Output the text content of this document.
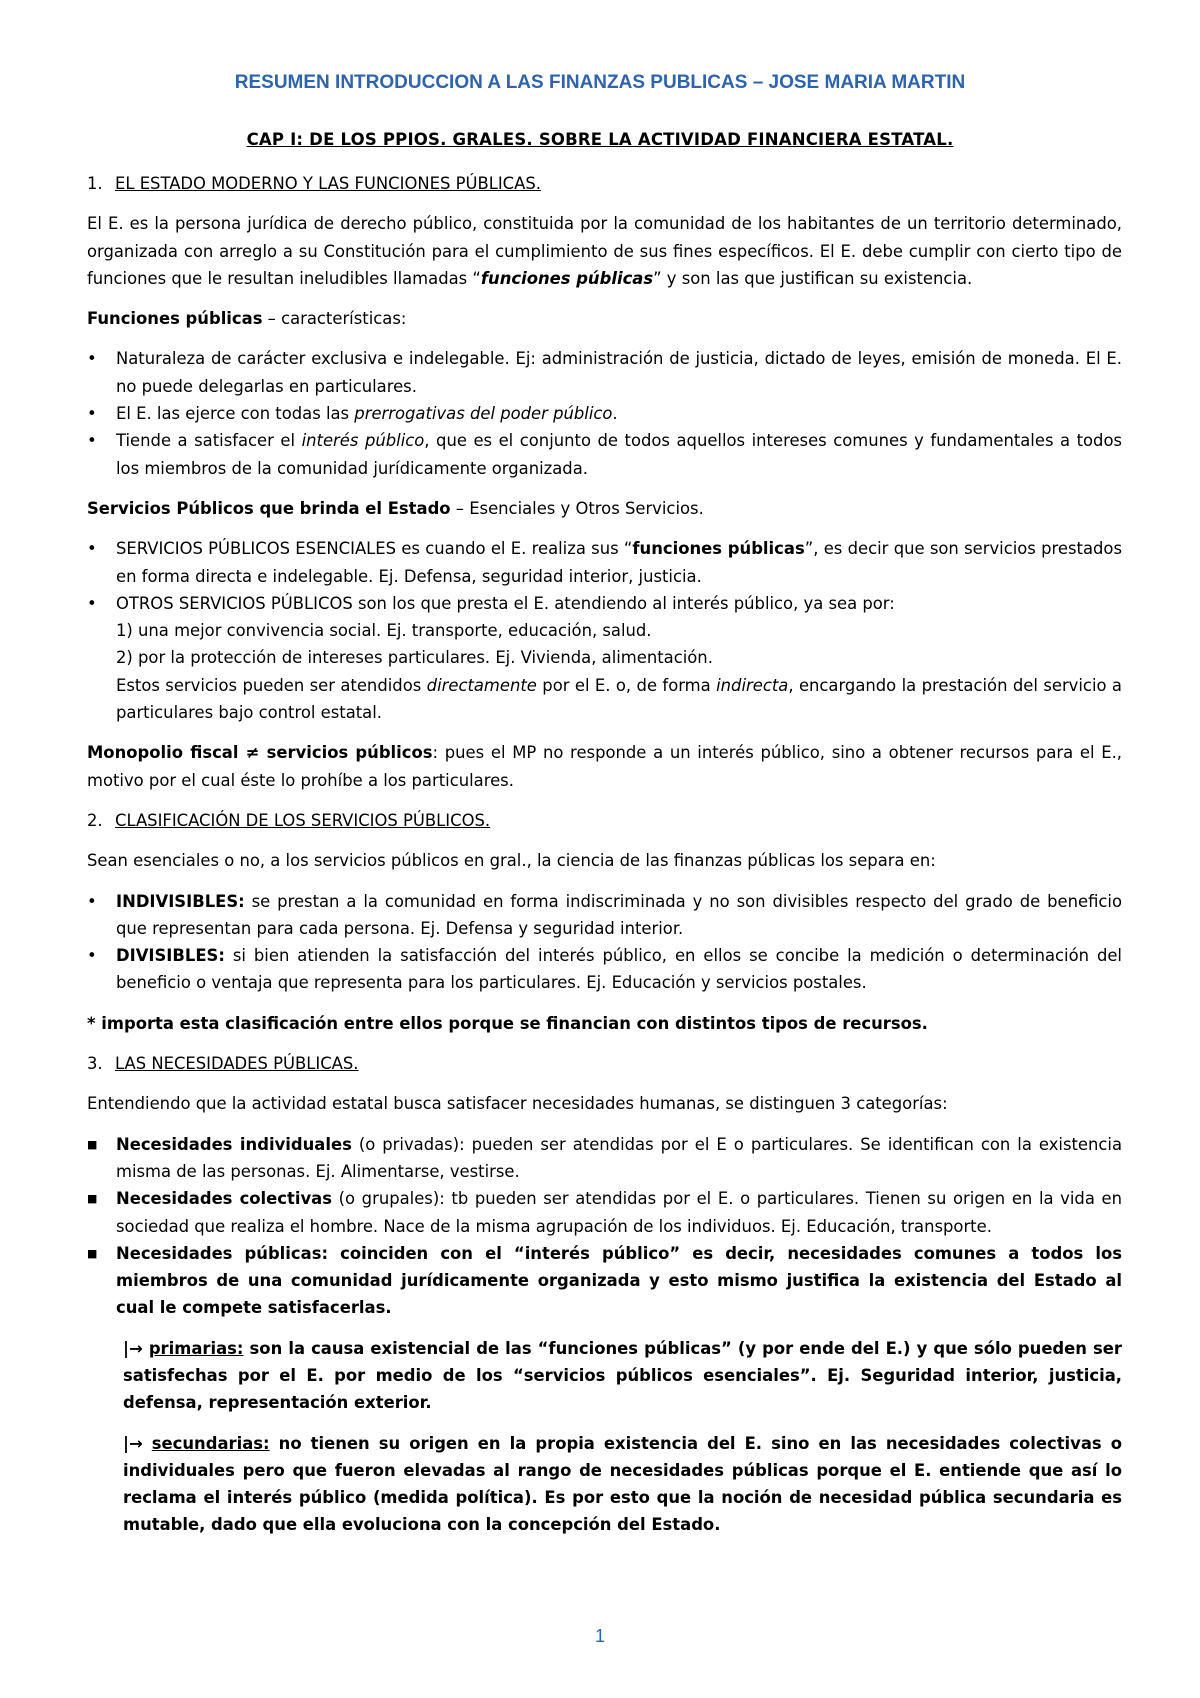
RESUMEN INTRODUCCION A LAS FINANZAS PUBLICAS – JOSE MARIA MARTIN
CAP I: DE LOS PPIOS. GRALES. SOBRE LA ACTIVIDAD FINANCIERA ESTATAL.
1. EL ESTADO MODERNO Y LAS FUNCIONES PÚBLICAS.

El E. es la persona jurídica de derecho público, constituida por la comunidad de los habitantes de un territorio determinado, organizada con arreglo a su Constitución para el cumplimiento de sus fines específicos. El E. debe cumplir con cierto tipo de funciones que le resultan ineludibles llamadas “funciones públicas” y son las que justifican su existencia.

Funciones públicas – características:

• Naturaleza de carácter exclusiva e indelegable. Ej: administración de justicia, dictado de leyes, emisión de moneda. El E. no puede delegarlas en particulares.
• El E. las ejerce con todas las prerrogativas del poder público.
• Tiende a satisfacer el interés público, que es el conjunto de todos aquellos intereses comunes y fundamentales a todos los miembros de la comunidad jurídicamente organizada.

Servicios Públicos que brinda el Estado – Esenciales y Otros Servicios.

• SERVICIOS PÚBLICOS ESENCIALES es cuando el E. realiza sus “funciones públicas”, es decir que son servicios prestados en forma directa e indelegable. Ej. Defensa, seguridad interior, justicia.
• OTROS SERVICIOS PÚBLICOS son los que presta el E. atendiendo al interés público, ya sea por:
1) una mejor convivencia social. Ej. transporte, educación, salud.
2) por la protección de intereses particulares. Ej. Vivienda, alimentación.
Estos servicios pueden ser atendidos directamente por el E. o, de forma indirecta, encargando la prestación del servicio a particulares bajo control estatal.

Monopolio fiscal ≠ servicios públicos: pues el MP no responde a un interés público, sino a obtener recursos para el E., motivo por el cual éste lo prohíbe a los particulares.

2. CLASIFICACIÓN DE LOS SERVICIOS PÚBLICOS.

Sean esenciales o no, a los servicios públicos en gral., la ciencia de las finanzas públicas los separa en:

• INDIVISIBLES: se prestan a la comunidad en forma indiscriminada y no son divisibles respecto del grado de beneficio que representan para cada persona. Ej. Defensa y seguridad interior.
• DIVISIBLES: si bien atienden la satisfacción del interés público, en ellos se concibe la medición o determinación del beneficio o ventaja que representa para los particulares. Ej. Educación y servicios postales.

* importa esta clasificación entre ellos porque se financian con distintos tipos de recursos.

3. LAS NECESIDADES PÚBLICAS.

Entendiendo que la actividad estatal busca satisfacer necesidades humanas, se distinguen 3 categorías:

■ Necesidades individuales (o privadas): pueden ser atendidas por el E o particulares. Se identifican con la existencia misma de las personas. Ej. Alimentarse, vestirse.
■ Necesidades colectivas (o grupales): tb pueden ser atendidas por el E. o particulares. Tienen su origen en la vida en sociedad que realiza el hombre. Nace de la misma agrupación de los individuos. Ej. Educación, transporte.
■ Necesidades públicas: coinciden con el “interés público” es decir, necesidades comunes a todos los miembros de una comunidad jurídicamente organizada y esto mismo justifica la existencia del Estado al cual le compete satisfacerlas.

|→ primarias: son la causa existencial de las “funciones públicas” (y por ende del E.) y que sólo pueden ser satisfechas por el E. por medio de los “servicios públicos esenciales”. Ej. Seguridad interior, justicia, defensa, representación exterior.

|→ secundarias: no tienen su origen en la propia existencia del E. sino en las necesidades colectivas o individuales pero que fueron elevadas al rango de necesidades públicas porque el E. entiende que así lo reclama el interés público (medida política). Es por esto que la noción de necesidad pública secundaria es mutable, dado que ella evoluciona con la concepción del Estado.

1
